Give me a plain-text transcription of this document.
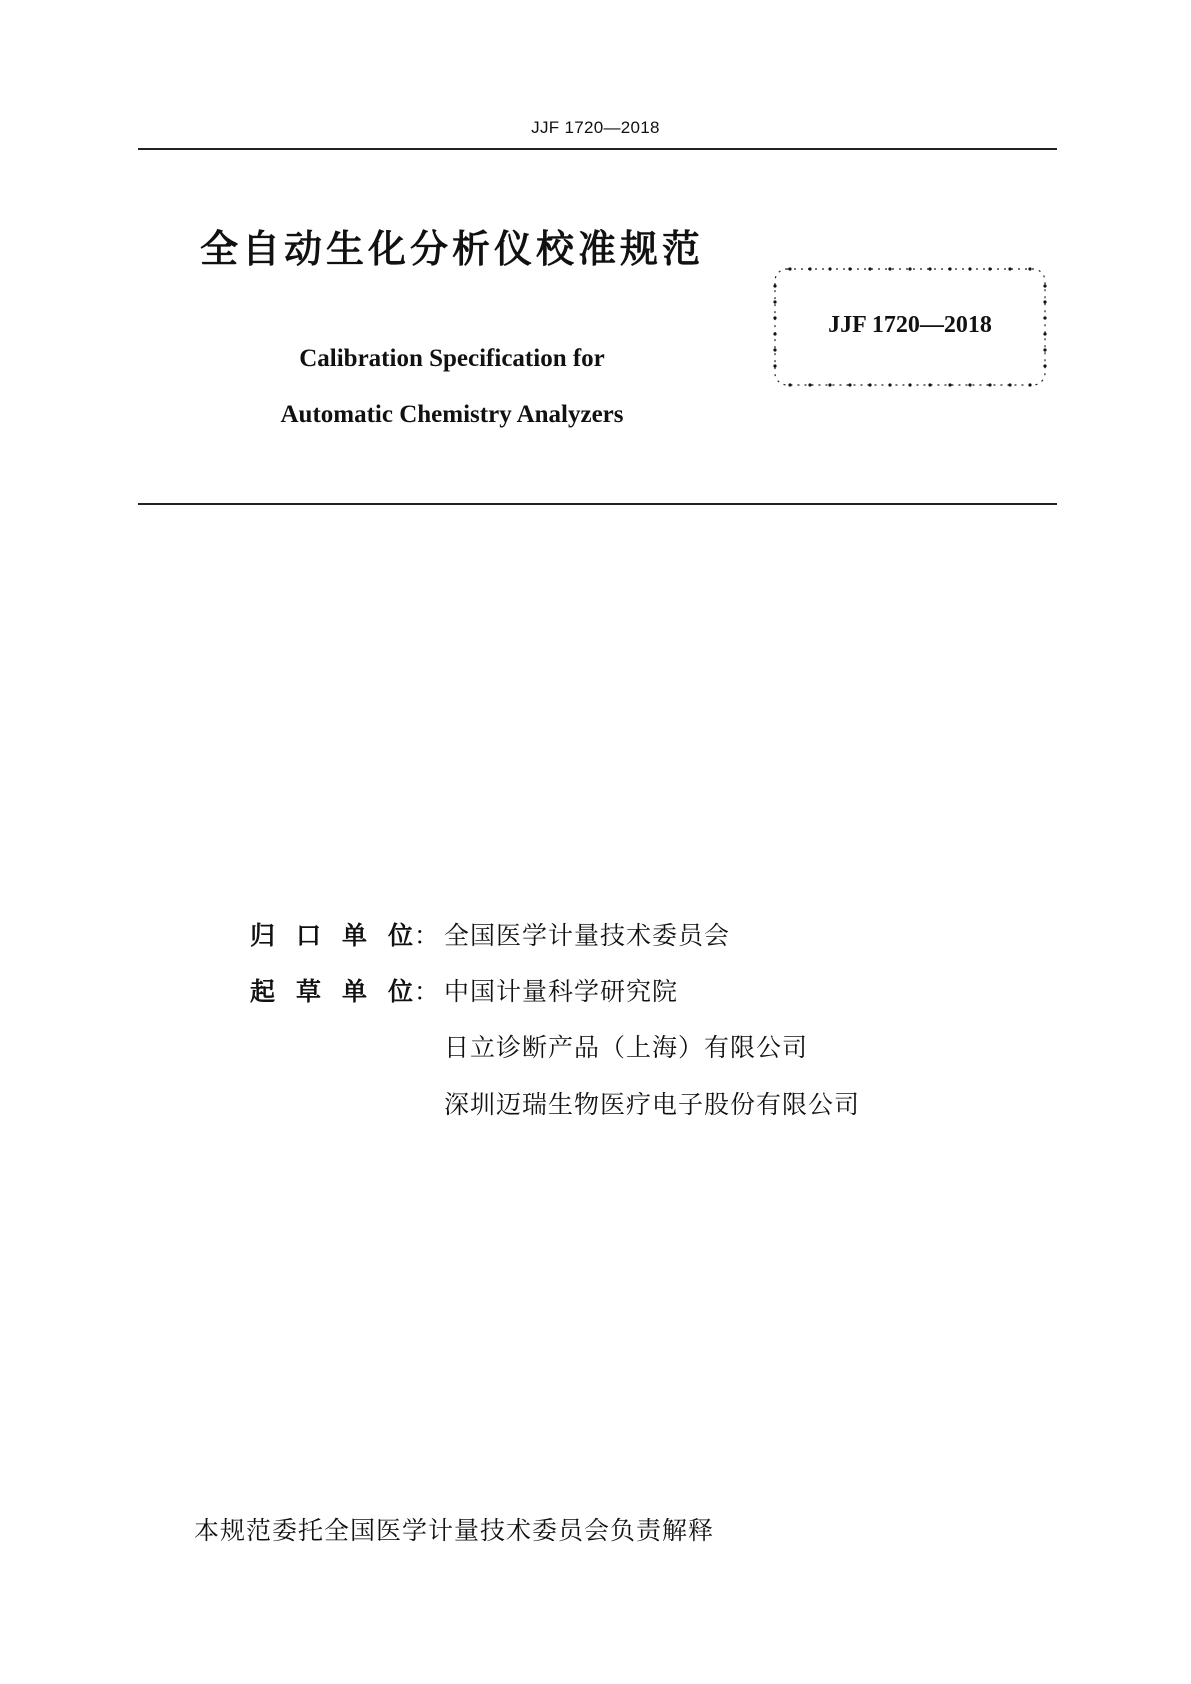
JJF 1720—2018
全自动生化分析仪校准规范
Calibration Specification for
Automatic Chemistry Analyzers
JJF 1720—2018
归 口 单 位： 全国医学计量技术委员会
起 草 单 位： 中国计量科学研究院
日立诊断产品（上海）有限公司
深圳迈瑞生物医疗电子股份有限公司
本规范委托全国医学计量技术委员会负责解释
